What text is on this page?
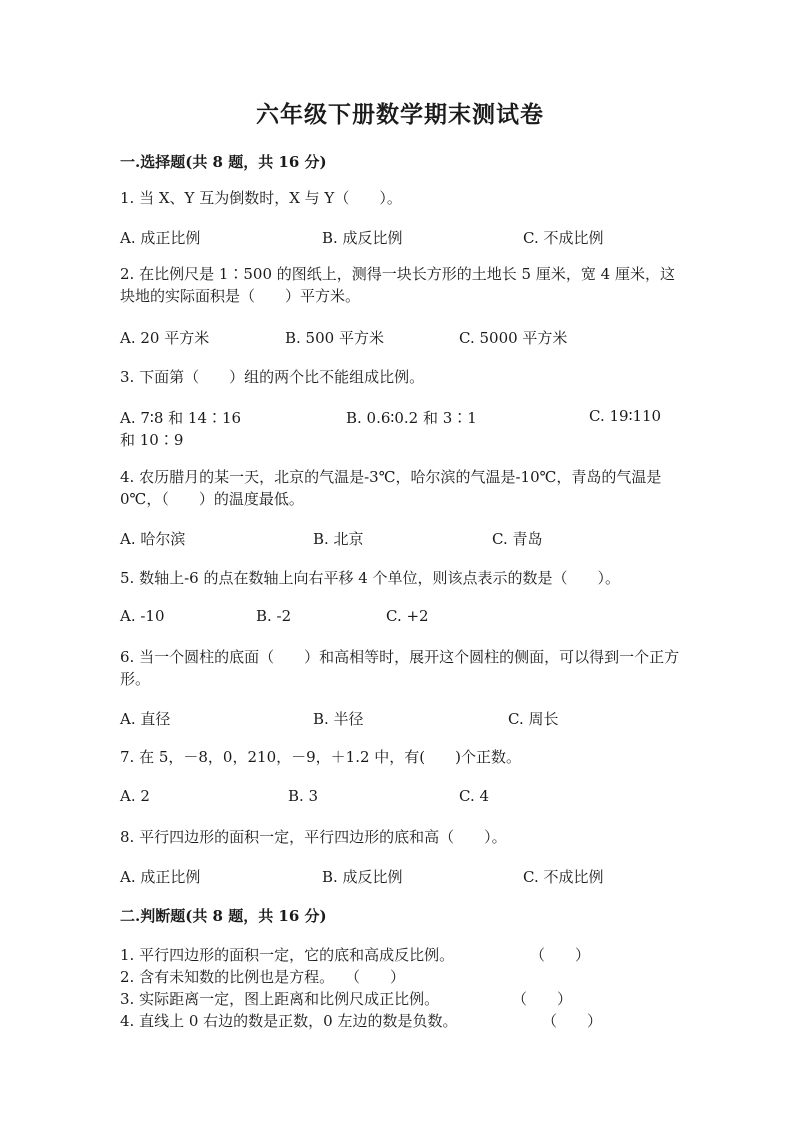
六年级下册数学期末测试卷
一.选择题(共 8 题，共 16 分)
1. 当 X、Y 互为倒数时，X 与 Y（　　）。
A. 成正比例	B. 成反比例	C. 不成比例
2. 在比例尺是 1∶500 的图纸上，测得一块长方形的土地长 5 厘米，宽 4 厘米，这块地的实际面积是（　　）平方米。
A. 20 平方米	B. 500 平方米	C. 5000 平方米
3. 下面第（　　）组的两个比不能组成比例。
A. 7∶8 和 14∶16	B. 0.6∶0.2 和 3∶1	C. 19∶110
和 10∶9
4. 农历腊月的某一天，北京的气温是-3℃，哈尔滨的气温是-10℃，青岛的气温是 0℃，（　　）的温度最低。
A. 哈尔滨	B. 北京	C. 青岛
5. 数轴上-6 的点在数轴上向右平移 4 个单位，则该点表示的数是（　　）。
A. -10	B. -2	C. +2
6. 当一个圆柱的底面（　　）和高相等时，展开这个圆柱的侧面，可以得到一个正方形。
A. 直径	B. 半径	C. 周长
7. 在 5，－8，0，210，－9，＋1.2 中，有(　　)个正数。
A. 2	B. 3	C. 4
8. 平行四边形的面积一定，平行四边形的底和高（　　）。
A. 成正比例	B. 成反比例	C. 不成比例
二.判断题(共 8 题，共 16 分)
1. 平行四边形的面积一定，它的底和高成反比例。	（　　）
2. 含有未知数的比例也是方程。 （　　）
3. 实际距离一定，图上距离和比例尺成正比例。	（　　）
4. 直线上 0 右边的数是正数，0 左边的数是负数。	（　　）
